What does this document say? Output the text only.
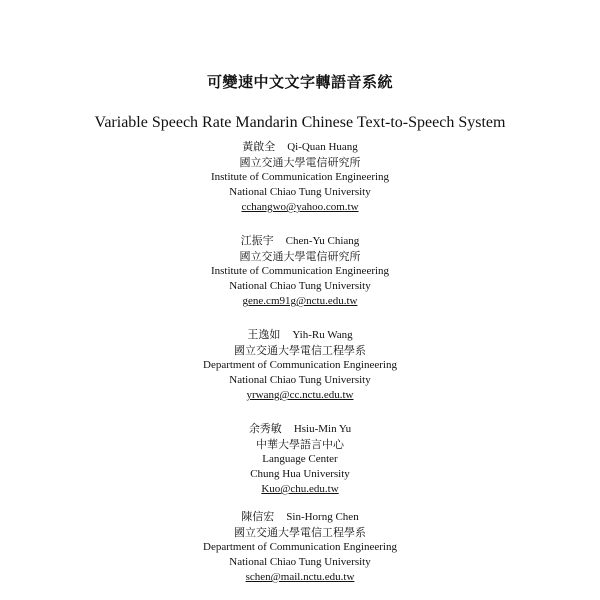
可變速中文文字轉語音系統
Variable Speech Rate Mandarin Chinese Text-to-Speech System
黃啟全 Qi-Quan Huang
國立交通大學電信研究所
Institute of Communication Engineering
National Chiao Tung University
cchangwo@yahoo.com.tw
江振宇 Chen-Yu Chiang
國立交通大學電信研究所
Institute of Communication Engineering
National Chiao Tung University
gene.cm91g@nctu.edu.tw
王逸如 Yih-Ru Wang
國立交通大學電信工程學系
Department of Communication Engineering
National Chiao Tung University
yrwang@cc.nctu.edu.tw
余秀敏 Hsiu-Min Yu
中華大學語言中心
Language Center
Chung Hua University
Kuo@chu.edu.tw
陳信宏 Sin-Horng Chen
國立交通大學電信工程學系
Department of Communication Engineering
National Chiao Tung University
schen@mail.nctu.edu.tw
